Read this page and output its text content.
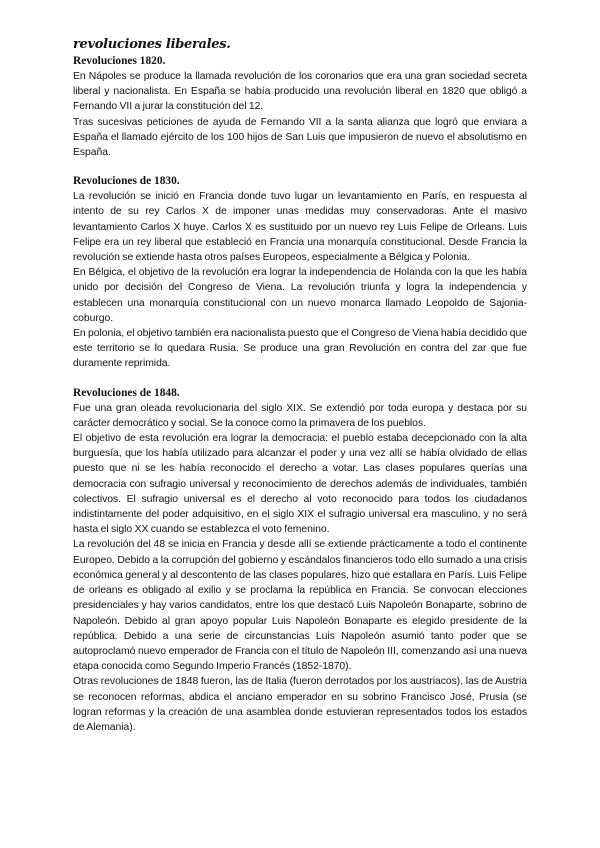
revoluciones liberales.
Revoluciones 1820.

En Nápoles se produce la llamada revolución de los coronarios que era una gran sociedad secreta liberal y nacionalista. En España se había producido una revolución liberal en 1820 que obligó a Fernando VII a jurar la constitución del 12.

Tras sucesivas peticiones de ayuda de Fernando VII a la santa alianza que logró que enviara a España el llamado ejército de los 100 hijos de San Luis que impusieron de nuevo el absolutismo en España.

Revoluciones de 1830.

La revolución se inició en Francia donde tuvo lugar un levantamiento en París, en respuesta al intento de su rey Carlos X de imponer unas medidas muy conservadoras. Ante el masivo levantamiento Carlos X huye. Carlos X es sustituido por un nuevo rey Luis Felipe de Orleans. Luis Felipe era un rey liberal que estableció en Francia una monarquía constitucional. Desde Francia la revolución se extiende hasta otros países Europeos, especialmente a Bélgica y Polonia.

En Bélgica, el objetivo de la revolución era lograr la independencia de Holanda con la que les había unido por decisión del Congreso de Viena. La revolución triunfa y logra la independencia y establecen una monarquía constitucional con un nuevo monarca llamado Leopoldo de Sajonia-coburgo.

En polonia, el objetivo también era nacionalista puesto que el Congreso de Viena había decidido que este territorio se lo quedara Rusia. Se produce una gran Revolución en contra del zar que fue duramente reprimida.

Revoluciones de 1848.

Fue una gran oleada revolucionaria del siglo XIX. Se extendió por toda europa y destaca por su carácter democrático y social. Se la conoce como la primavera de los pueblos.

El objetivo de esta revolución era lograr la democracia: el pueblo estaba decepcionado con la alta burguesía, que los había utilizado para alcanzar el poder y una vez allí se había olvidado de ellas puesto que ni se les había reconocido el derecho a votar. Las clases populares querías una democracia con sufragio universal y reconocimiento de derechos además de individuales, también colectivos. El sufragio universal es el derecho al voto reconocido para todos los ciudadanos indistintamente del poder adquisitivo, en el siglo XIX el sufragio universal era masculino, y no será hasta el siglo XX cuando se establezca el voto femenino.

La revolución del 48 se inicia en Francia y desde allí se extiende prácticamente a todo el continente Europeo. Debido a la corrupción del gobierno y escándalos financieros todo ello sumado a una crisis económica general y al descontento de las clases populares, hizo que estallara en París. Luis Felipe de orleans es obligado al exilio y se proclama la república en Francia. Se convocan elecciones presidenciales y hay varios candidatos, entre los que destacó Luis Napoleón Bonaparte, sobrino de Napoleón. Debido al gran apoyo popular Luis Napoleón Bonaparte es elegido presidente de la república. Debido a una serie de circunstancias Luis Napoleón asumió tanto poder que se autoproclamó nuevo emperador de Francia con el título de Napoleón III, comenzando así una nueva etapa conocida como Segundo Imperio Francés (1852-1870).

Otras revoluciones de 1848 fueron, las de Italia (fueron derrotados por los austriacos), las de Austria se reconocen reformas, abdica el anciano emperador en su sobrino Francisco José, Prusia (se logran reformas y la creación de una asamblea donde estuvieran representados todos los estados de Alemania).
